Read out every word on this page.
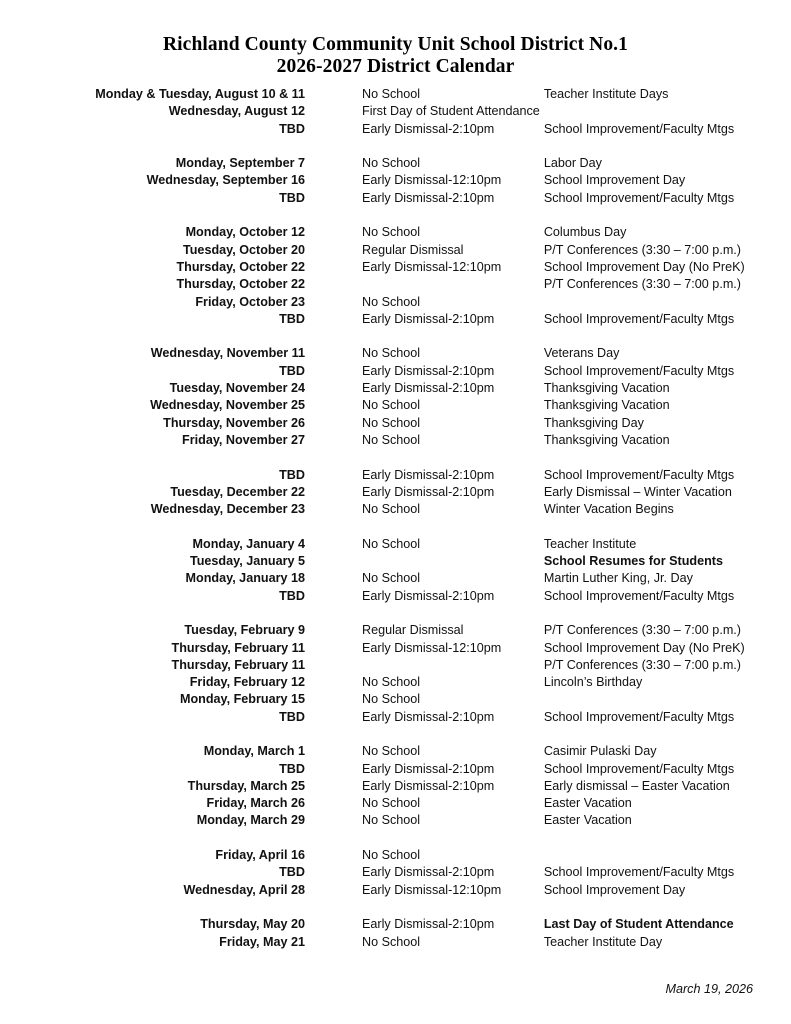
Richland County Community Unit School District No.1
2026-2027 District Calendar
Monday & Tuesday, August 10 & 11	No School	Teacher Institute Days
Wednesday, August 12	First Day of Student Attendance	
TBD	Early Dismissal-2:10pm	School Improvement/Faculty Mtgs

Monday, September 7	No School	Labor Day
Wednesday, September 16	Early Dismissal-12:10pm	School Improvement Day
TBD	Early Dismissal-2:10pm	School Improvement/Faculty Mtgs

Monday, October 12	No School	Columbus Day
Tuesday, October 20	Regular Dismissal	P/T Conferences (3:30 – 7:00 p.m.)
Thursday, October 22	Early Dismissal-12:10pm	School Improvement Day (No PreK)
Thursday, October 22		P/T Conferences (3:30 – 7:00 p.m.)
Friday, October 23	No School	
TBD	Early Dismissal-2:10pm	School Improvement/Faculty Mtgs

Wednesday, November 11	No School	Veterans Day
TBD	Early Dismissal-2:10pm	School Improvement/Faculty Mtgs
Tuesday, November 24	Early Dismissal-2:10pm	Thanksgiving Vacation
Wednesday, November 25	No School	Thanksgiving Vacation
Thursday, November 26	No School	Thanksgiving Day
Friday, November 27	No School	Thanksgiving Vacation

TBD	Early Dismissal-2:10pm	School Improvement/Faculty Mtgs
Tuesday, December 22	Early Dismissal-2:10pm	Early Dismissal – Winter Vacation
Wednesday, December 23	No School	Winter Vacation Begins

Monday, January 4	No School	Teacher Institute
Tuesday, January 5		School Resumes for Students
Monday, January 18	No School	Martin Luther King, Jr. Day
TBD	Early Dismissal-2:10pm	School Improvement/Faculty Mtgs

Tuesday, February 9	Regular Dismissal	P/T Conferences (3:30 – 7:00 p.m.)
Thursday, February 11	Early Dismissal-12:10pm	School Improvement Day (No PreK)
Thursday, February 11		P/T Conferences (3:30 – 7:00 p.m.)
Friday, February 12	No School	Lincoln’s Birthday
Monday, February 15	No School	
TBD	Early Dismissal-2:10pm	School Improvement/Faculty Mtgs

Monday, March 1	No School	Casimir Pulaski Day
TBD	Early Dismissal-2:10pm	School Improvement/Faculty Mtgs
Thursday, March 25	Early Dismissal-2:10pm	Early dismissal – Easter Vacation
Friday, March 26	No School	Easter Vacation
Monday, March 29	No School	Easter Vacation

Friday, April 16	No School	
TBD	Early Dismissal-2:10pm	School Improvement/Faculty Mtgs
Wednesday, April 28	Early Dismissal-12:10pm	School Improvement Day

Thursday, May 20	Early Dismissal-2:10pm	Last Day of Student Attendance
Friday, May 21	No School	Teacher Institute Day
March 19, 2026
